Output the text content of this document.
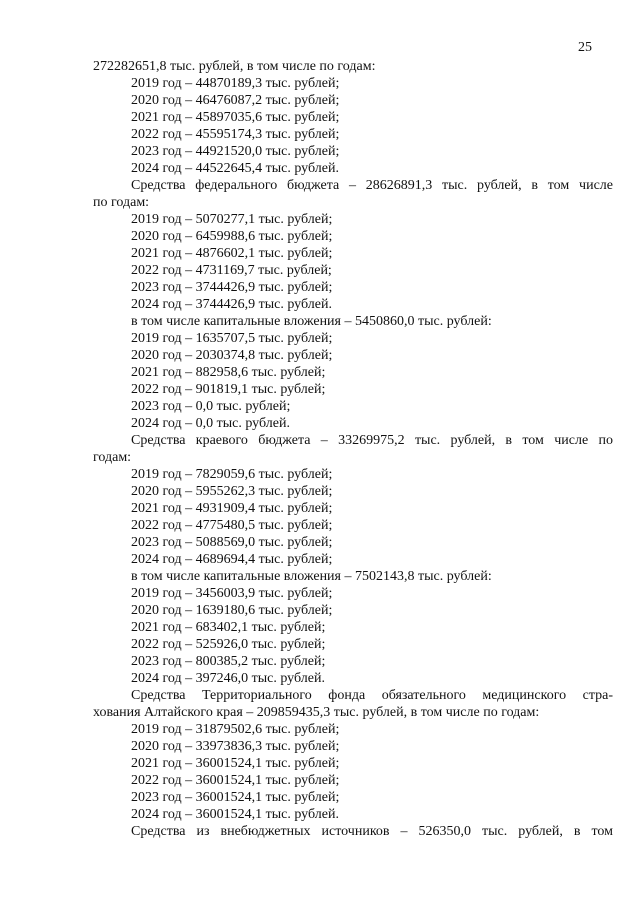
25
272282651,8 тыс. рублей, в том числе по годам:
2019 год – 44870189,3 тыс. рублей;
2020 год – 46476087,2 тыс. рублей;
2021 год – 45897035,6 тыс. рублей;
2022 год – 45595174,3 тыс. рублей;
2023 год – 44921520,0 тыс. рублей;
2024 год – 44522645,4 тыс. рублей.
Средства федерального бюджета – 28626891,3 тыс. рублей, в том числе
по годам:
2019 год – 5070277,1 тыс. рублей;
2020 год – 6459988,6 тыс. рублей;
2021 год – 4876602,1 тыс. рублей;
2022 год – 4731169,7 тыс. рублей;
2023 год – 3744426,9 тыс. рублей;
2024 год – 3744426,9 тыс. рублей.
в том числе капитальные вложения – 5450860,0 тыс. рублей:
2019 год – 1635707,5 тыс. рублей;
2020 год – 2030374,8 тыс. рублей;
2021 год – 882958,6 тыс. рублей;
2022 год – 901819,1 тыс. рублей;
2023 год – 0,0 тыс. рублей;
2024 год – 0,0 тыс. рублей.
Средства краевого бюджета – 33269975,2 тыс. рублей, в том числе по
годам:
2019 год – 7829059,6 тыс. рублей;
2020 год – 5955262,3 тыс. рублей;
2021 год – 4931909,4 тыс. рублей;
2022 год – 4775480,5 тыс. рублей;
2023 год – 5088569,0 тыс. рублей;
2024 год – 4689694,4 тыс. рублей;
в том числе капитальные вложения – 7502143,8 тыс. рублей:
2019 год – 3456003,9 тыс. рублей;
2020 год – 1639180,6 тыс. рублей;
2021 год – 683402,1 тыс. рублей;
2022 год – 525926,0 тыс. рублей;
2023 год – 800385,2 тыс. рублей;
2024 год – 397246,0 тыс. рублей.
Средства Территориального фонда обязательного медицинского стра-
хования Алтайского края – 209859435,3 тыс. рублей, в том числе по годам:
2019 год – 31879502,6 тыс. рублей;
2020 год – 33973836,3 тыс. рублей;
2021 год – 36001524,1 тыс. рублей;
2022 год – 36001524,1 тыс. рублей;
2023 год – 36001524,1 тыс. рублей;
2024 год – 36001524,1 тыс. рублей.
Средства из внебюджетных источников – 526350,0 тыс. рублей, в том
